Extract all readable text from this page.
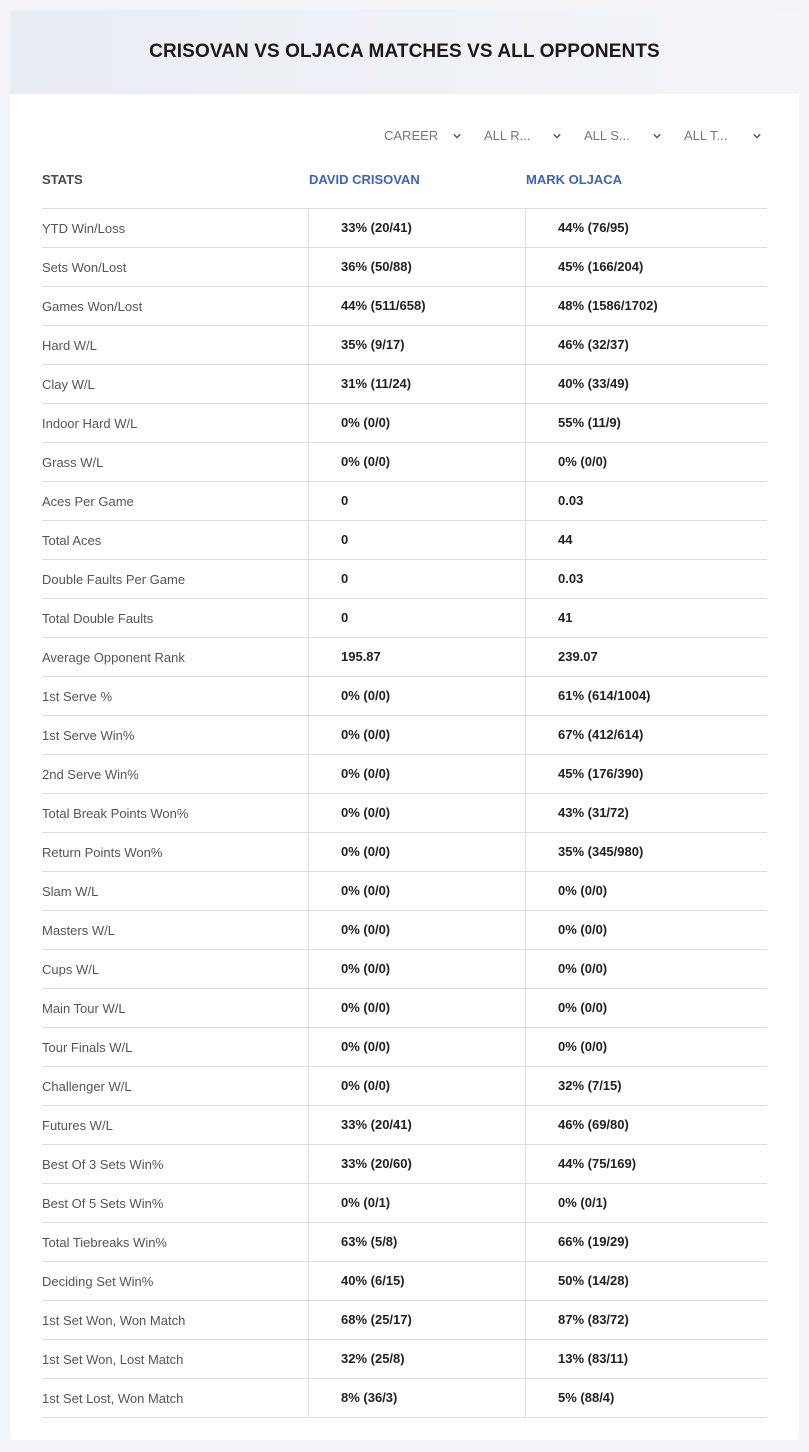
CRISOVAN VS OLJACA MATCHES VS ALL OPPONENTS
CAREER	ALL R...	ALL S...	ALL T...
STATS	DAVID CRISOVAN	MARK OLJACA
YTD Win/Loss	33% (20/41)	44% (76/95)
Sets Won/Lost	36% (50/88)	45% (166/204)
Games Won/Lost	44% (511/658)	48% (1586/1702)
Hard W/L	35% (9/17)	46% (32/37)
Clay W/L	31% (11/24)	40% (33/49)
Indoor Hard W/L	0% (0/0)	55% (11/9)
Grass W/L	0% (0/0)	0% (0/0)
Aces Per Game	0	0.03
Total Aces	0	44
Double Faults Per Game	0	0.03
Total Double Faults	0	41
Average Opponent Rank	195.87	239.07
1st Serve %	0% (0/0)	61% (614/1004)
1st Serve Win%	0% (0/0)	67% (412/614)
2nd Serve Win%	0% (0/0)	45% (176/390)
Total Break Points Won%	0% (0/0)	43% (31/72)
Return Points Won%	0% (0/0)	35% (345/980)
Slam W/L	0% (0/0)	0% (0/0)
Masters W/L	0% (0/0)	0% (0/0)
Cups W/L	0% (0/0)	0% (0/0)
Main Tour W/L	0% (0/0)	0% (0/0)
Tour Finals W/L	0% (0/0)	0% (0/0)
Challenger W/L	0% (0/0)	32% (7/15)
Futures W/L	33% (20/41)	46% (69/80)
Best Of 3 Sets Win%	33% (20/60)	44% (75/169)
Best Of 5 Sets Win%	0% (0/1)	0% (0/1)
Total Tiebreaks Win%	63% (5/8)	66% (19/29)
Deciding Set Win%	40% (6/15)	50% (14/28)
1st Set Won, Won Match	68% (25/17)	87% (83/72)
1st Set Won, Lost Match	32% (25/8)	13% (83/11)
1st Set Lost, Won Match	8% (36/3)	5% (88/4)
